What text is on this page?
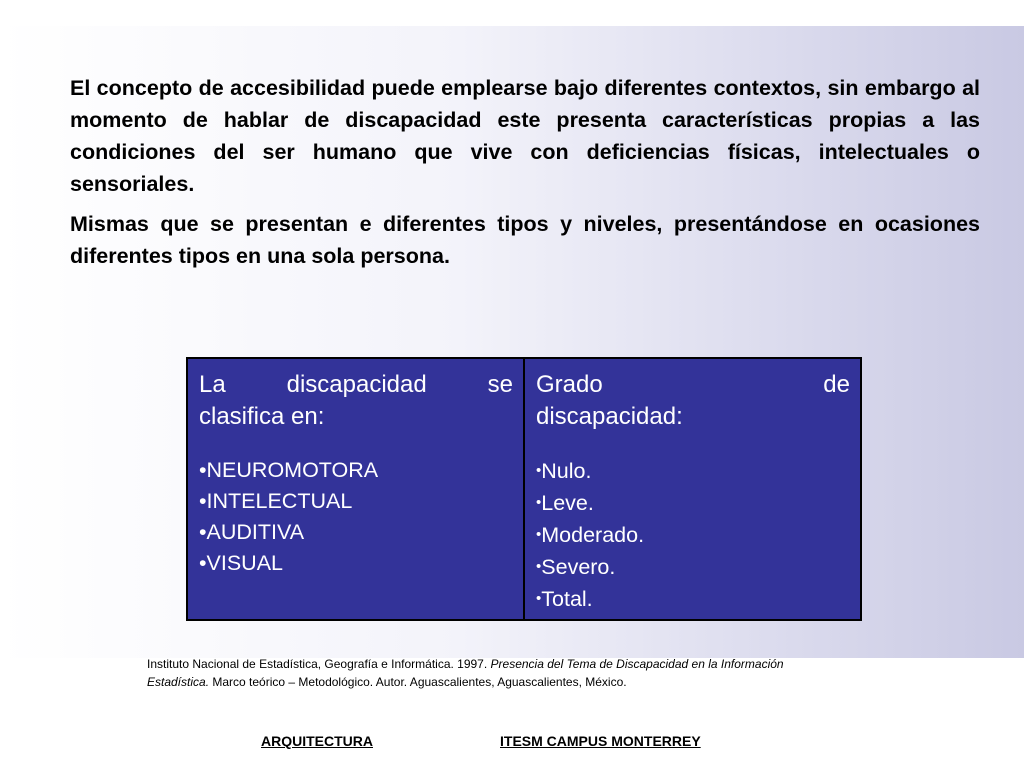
El concepto de accesibilidad puede emplearse bajo diferentes contextos, sin embargo al momento de hablar de discapacidad este presenta características propias a las condiciones del ser humano que vive con deficiencias físicas, intelectuales o sensoriales.

Mismas que se presentan e diferentes tipos y niveles, presentándose en ocasiones diferentes tipos en una sola persona.

La discapacidad se
clasifica en:
• NEUROMOTORA
• INTELECTUAL
• AUDITIVA
• VISUAL

Grado de
discapacidad:
• Nulo.
• Leve.
• Moderado.
• Severo.
• Total.
Instituto Nacional de Estadística, Geografía e Informática. 1997. Presencia del Tema de Discapacidad en la Información Estadística. Marco teórico – Metodológico. Autor. Aguascalientes, Aguascalientes, México.
ARQUITECTURA	ITESM CAMPUS MONTERREY
